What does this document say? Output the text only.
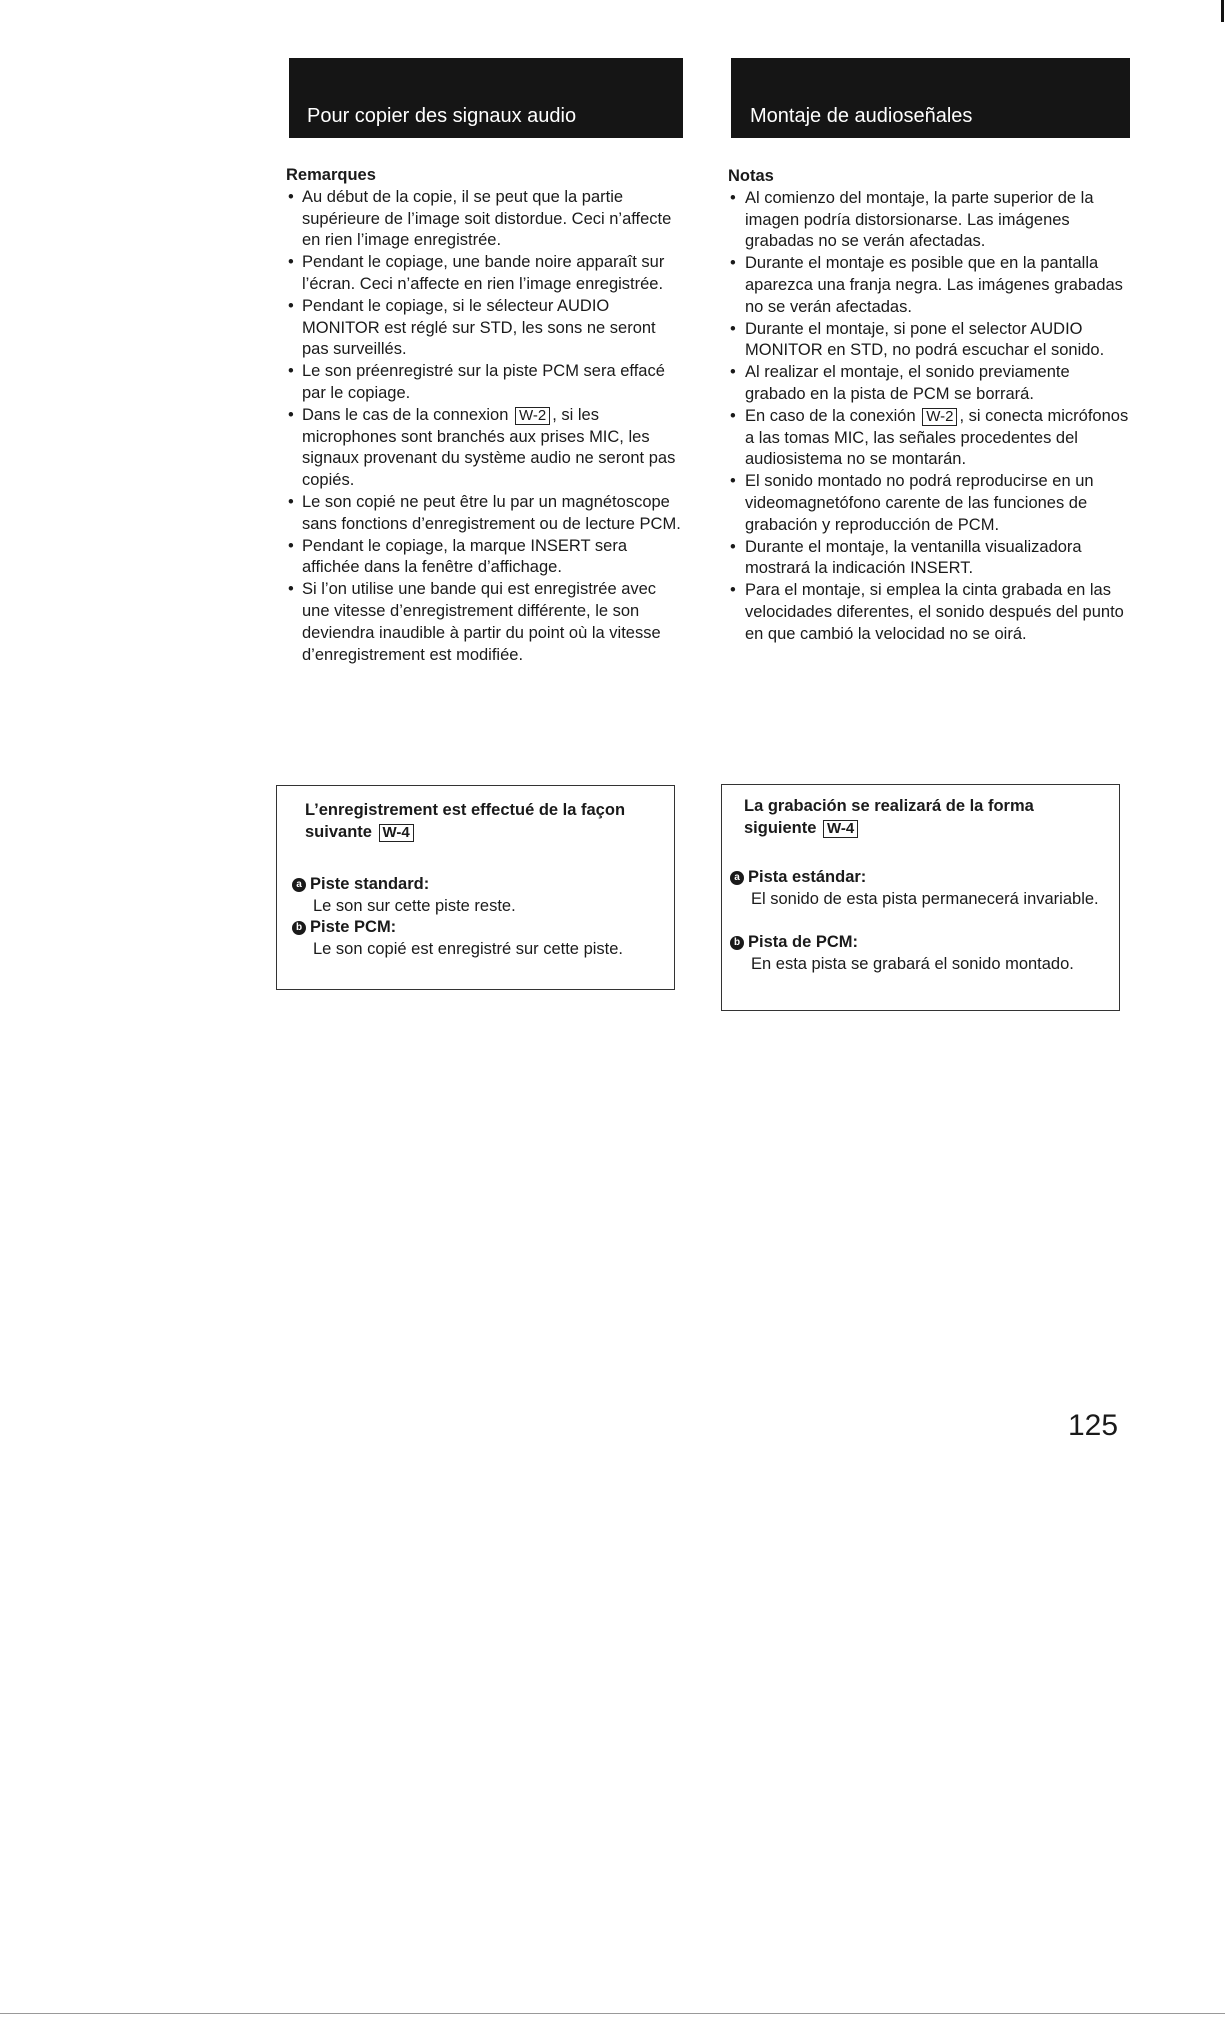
Pour copier des signaux audio

Remarques

• Au début de la copie, il se peut que la partie supérieure de l’image soit distordue. Ceci n’affecte en rien l’image enregistrée.
• Pendant le copiage, une bande noire apparaît sur l’écran. Ceci n’affecte en rien l’image enregistrée.
• Pendant le copiage, si le sélecteur AUDIO MONITOR est réglé sur STD, les sons ne seront pas surveillés.
• Le son préenregistré sur la piste PCM sera effacé par le copiage.
• Dans le cas de la connexion W-2 , si les microphones sont branchés aux prises MIC, les signaux provenant du système audio ne seront pas copiés.
• Le son copié ne peut être lu par un magnétoscope sans fonctions d’enregistrement ou de lecture PCM.
• Pendant le copiage, la marque INSERT sera affichée dans la fenêtre d’affichage.
• Si l’on utilise une bande qui est enregistrée avec une vitesse d’enregistrement différente, le son deviendra inaudible à partir du point où la vitesse d’enregistrement est modifiée.

L’enregistrement est effectué de la façon suivante W-4

a Piste standard:

Le son sur cette piste reste.

b Piste PCM:

Le son copié est enregistré sur cette piste.

Montaje de audioseñales

Notas

• Al comienzo del montaje, la parte superior de la imagen podría distorsionarse. Las imágenes grabadas no se verán afectadas.
• Durante el montaje es posible que en la pantalla aparezca una franja negra. Las imágenes grabadas no se verán afectadas.
• Durante el montaje, si pone el selector AUDIO MONITOR en STD, no podrá escuchar el sonido.
• Al realizar el montaje, el sonido previamente grabado en la pista de PCM se borrará.
• En caso de la conexión W-2 , si conecta micrófonos a las tomas MIC, las señales procedentes del audiosistema no se montarán.
• El sonido montado no podrá reproducirse en un videomagnetófono carente de las funciones de grabación y reproducción de PCM.
• Durante el montaje, la ventanilla visualizadora mostrará la indicación INSERT.
• Para el montaje, si emplea la cinta grabada en las velocidades diferentes, el sonido después del punto en que cambió la velocidad no se oirá.

La grabación se realizará de la forma siguiente W-4

a Pista estándar:

El sonido de esta pista permanecerá invariable.

b Pista de PCM:

En esta pista se grabará el sonido montado.

125
